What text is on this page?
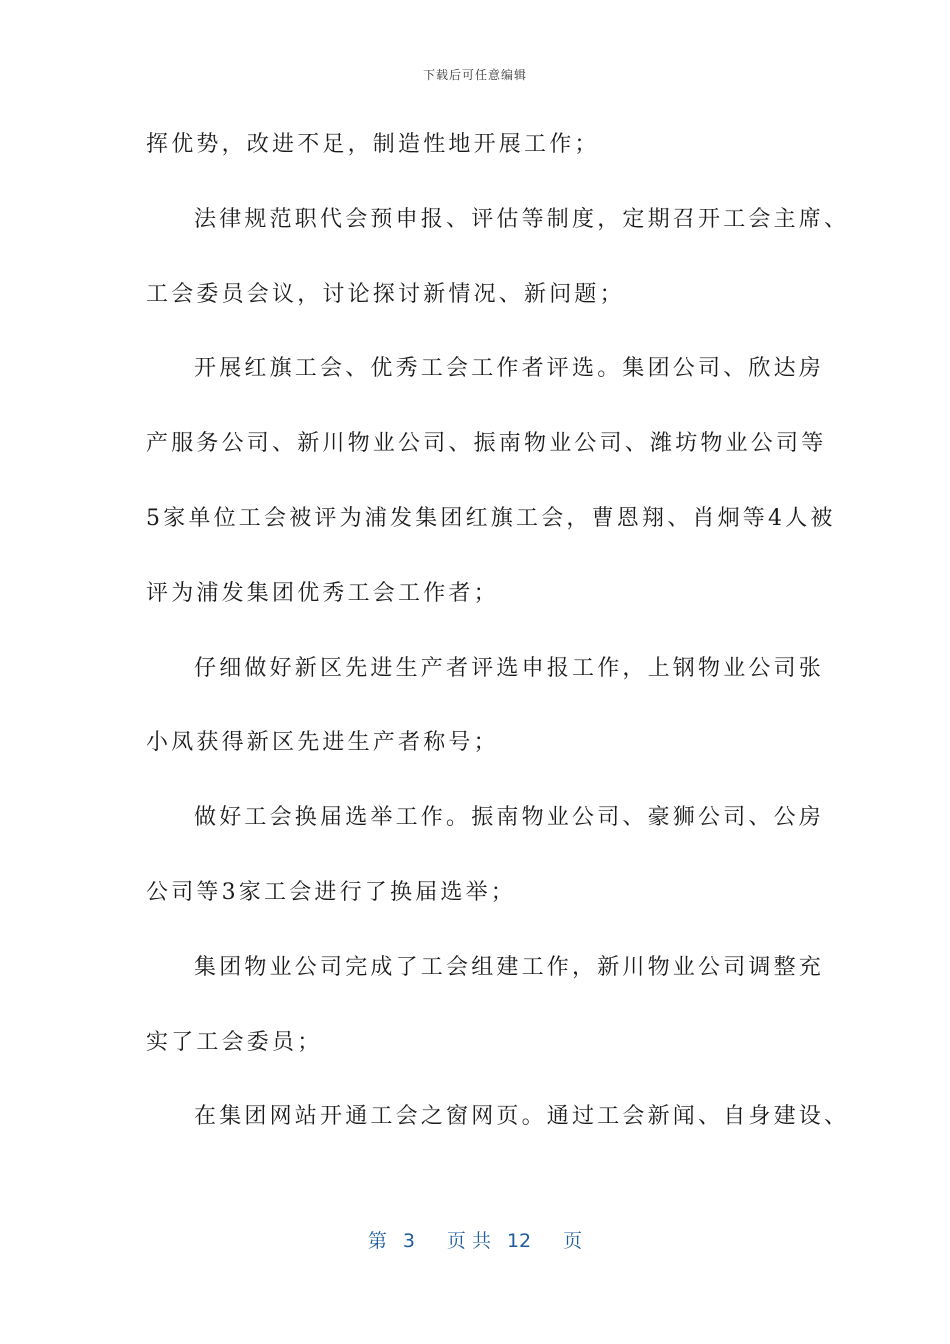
下载后可任意编辑
挥优势，改进不足，制造性地开展工作；
法律规范职代会预申报、评估等制度，定期召开工会主席、
工会委员会议，讨论探讨新情况、新问题；
开展红旗工会、优秀工会工作者评选。集团公司、欣达房
产服务公司、新川物业公司、振南物业公司、潍坊物业公司等
5家单位工会被评为浦发集团红旗工会，曹恩翔、肖炯等4人被
评为浦发集团优秀工会工作者；
仔细做好新区先进生产者评选申报工作，上钢物业公司张
小凤获得新区先进生产者称号；
做好工会换届选举工作。振南物业公司、豪狮公司、公房
公司等3家工会进行了换届选举；
集团物业公司完成了工会组建工作，新川物业公司调整充
实了工会委员；
在集团网站开通工会之窗网页。通过工会新闻、自身建设、
第 3 页 共 12 页
